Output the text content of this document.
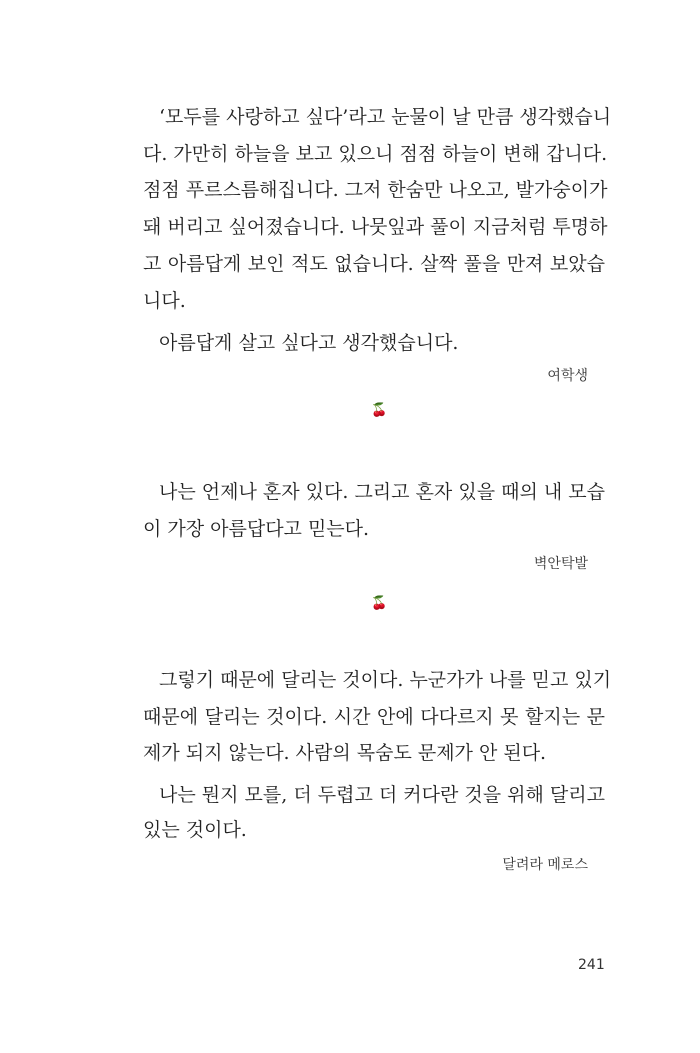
‘모두를 사랑하고 싶다’라고 눈물이 날 만큼 생각했습니
다. 가만히 하늘을 보고 있으니 점점 하늘이 변해 갑니다.
점점 푸르스름해집니다. 그저 한숨만 나오고, 발가숭이가
돼 버리고 싶어졌습니다. 나뭇잎과 풀이 지금처럼 투명하
고 아름답게 보인 적도 없습니다. 살짝 풀을 만져 보았습
니다.
아름답게 살고 싶다고 생각했습니다.
여학생
🍒
나는 언제나 혼자 있다. 그리고 혼자 있을 때의 내 모습
이 가장 아름답다고 믿는다.
벽안탁발
🍒
그렇기 때문에 달리는 것이다. 누군가가 나를 믿고 있기
때문에 달리는 것이다. 시간 안에 다다르지 못 할지는 문
제가 되지 않는다. 사람의 목숨도 문제가 안 된다.
나는 뭔지 모를, 더 두렵고 더 커다란 것을 위해 달리고
있는 것이다.
달려라 메로스
241
